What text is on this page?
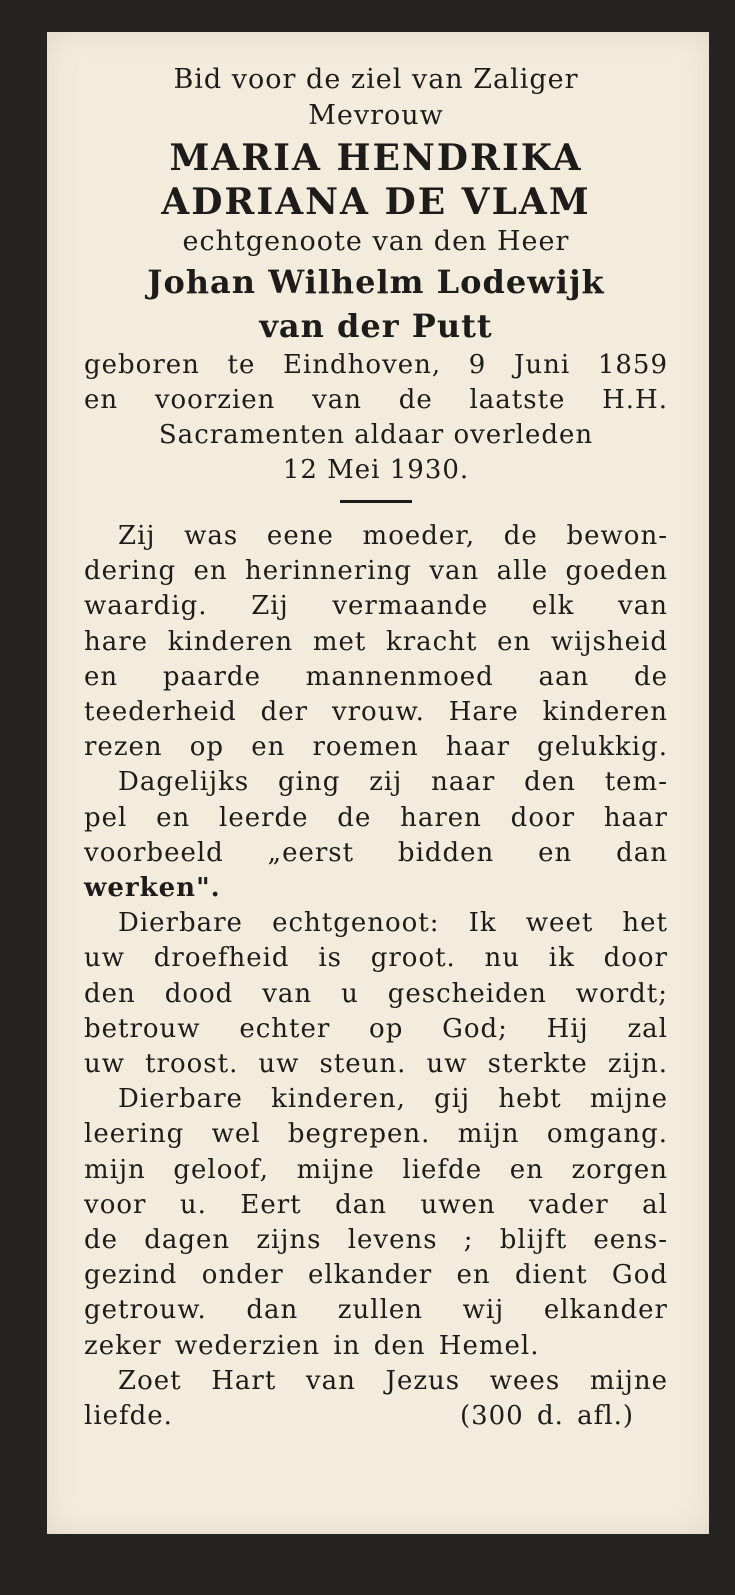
Bid voor de ziel van Zaliger
Mevrouw
MARIA HENDRIKA
ADRIANA DE VLAM
echtgenoote van den Heer
Johan Wilhelm Lodewijk
van der Putt
geboren te Eindhoven, 9 Juni 1859
en voorzien van de laatste H.H.
Sacramenten aldaar overleden
12 Mei 1930.
Zij was eene moeder, de bewon-
dering en herinnering van alle goeden
waardig. Zij vermaande elk van
hare kinderen met kracht en wijsheid
en paarde mannenmoed aan de
teederheid der vrouw. Hare kinderen
rezen op en roemen haar gelukkig.
Dagelijks ging zij naar den tem-
pel en leerde de haren door haar
voorbeeld „eerst bidden en dan
werken".
Dierbare echtgenoot: Ik weet het
uw droefheid is groot. nu ik door
den dood van u gescheiden wordt;
betrouw echter op God; Hij zal
uw troost. uw steun. uw sterkte zijn.
Dierbare kinderen, gij hebt mijne
leering wel begrepen. mijn omgang.
mijn geloof, mijne liefde en zorgen
voor u. Eert dan uwen vader al
de dagen zijns levens ; blijft eens-
gezind onder elkander en dient God
getrouw. dan zullen wij elkander
zeker wederzien in den Hemel.
Zoet Hart van Jezus wees mijne
liefde.	(300 d. afl.)
